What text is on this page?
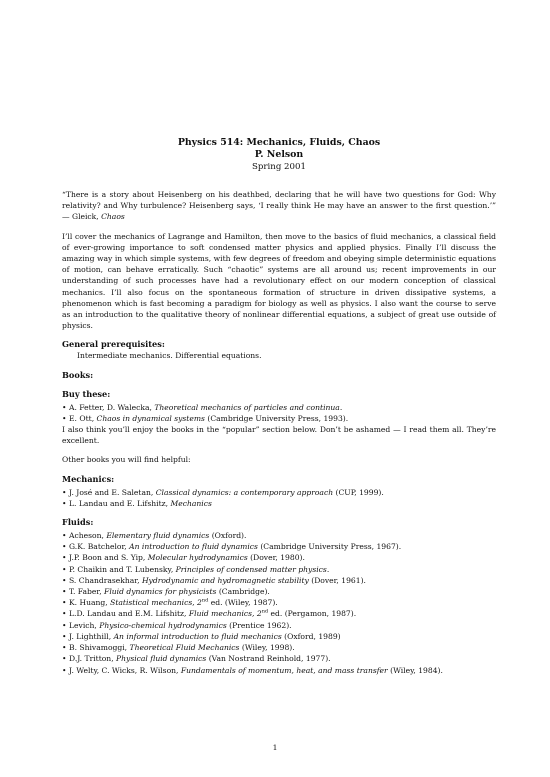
Physics 514: Mechanics, Fluids, Chaos
P. Nelson
Spring 2001

“There is a story about Heisenberg on his deathbed, declaring that he will have two questions for God: Why relativity? and Why turbulence? Heisenberg says, ‘I really think He may have an answer to the first question.’” — Gleick, Chaos

I’ll cover the mechanics of Lagrange and Hamilton, then move to the basics of fluid mechanics, a classical field of ever-growing importance to soft condensed matter physics and applied physics. Finally I’ll discuss the amazing way in which simple systems, with few degrees of freedom and obeying simple deterministic equations of motion, can behave erratically. Such “chaotic” systems are all around us; recent improvements in our understanding of such processes have had a revolutionary effect on our modern conception of classical mechanics. I’ll also focus on the spontaneous formation of structure in driven dissipative systems, a phenomenon which is fast becoming a paradigm for biology as well as physics. I also want the course to serve as an introduction to the qualitative theory of nonlinear differential equations, a subject of great use outside of physics.

General prerequisites:

Intermediate mechanics. Differential equations.

Books:
Buy these:
• A. Fetter, D. Walecka, Theoretical mechanics of particles and continua.
• E. Ott, Chaos in dynamical systems (Cambridge University Press, 1993).

I also think you’ll enjoy the books in the “popular” section below. Don’t be ashamed — I read them all. They’re excellent.

Other books you will find helpful:

Mechanics:
• J. José and E. Saletan, Classical dynamics: a contemporary approach (CUP, 1999).
• L. Landau and E. Lifshitz, Mechanics
Fluids:
• Acheson, Elementary fluid dynamics (Oxford).
• G.K. Batchelor, An introduction to fluid dynamics (Cambridge University Press, 1967).
• J.P. Boon and S. Yip, Molecular hydrodynamics (Dover, 1980).
• P. Chaikin and T. Lubensky, Principles of condensed matter physics.
• S. Chandrasekhar, Hydrodynamic and hydromagnetic stability (Dover, 1961).
• T. Faber, Fluid dynamics for physicists (Cambridge).
• K. Huang, Statistical mechanics, 2nd ed. (Wiley, 1987).
• L.D. Landau and E.M. Lifshitz, Fluid mechanics, 2nd ed. (Pergamon, 1987).
• Levich, Physico-chemical hydrodynamics (Prentice 1962).
• J. Lighthill, An informal introduction to fluid mechanics (Oxford, 1989)
• B. Shivamoggi, Theoretical Fluid Mechanics (Wiley, 1998).
• D.J. Tritton, Physical fluid dynamics (Van Nostrand Reinhold, 1977).
• J. Welty, C. Wicks, R. Wilson, Fundamentals of momentum, heat, and mass transfer (Wiley, 1984).
1
